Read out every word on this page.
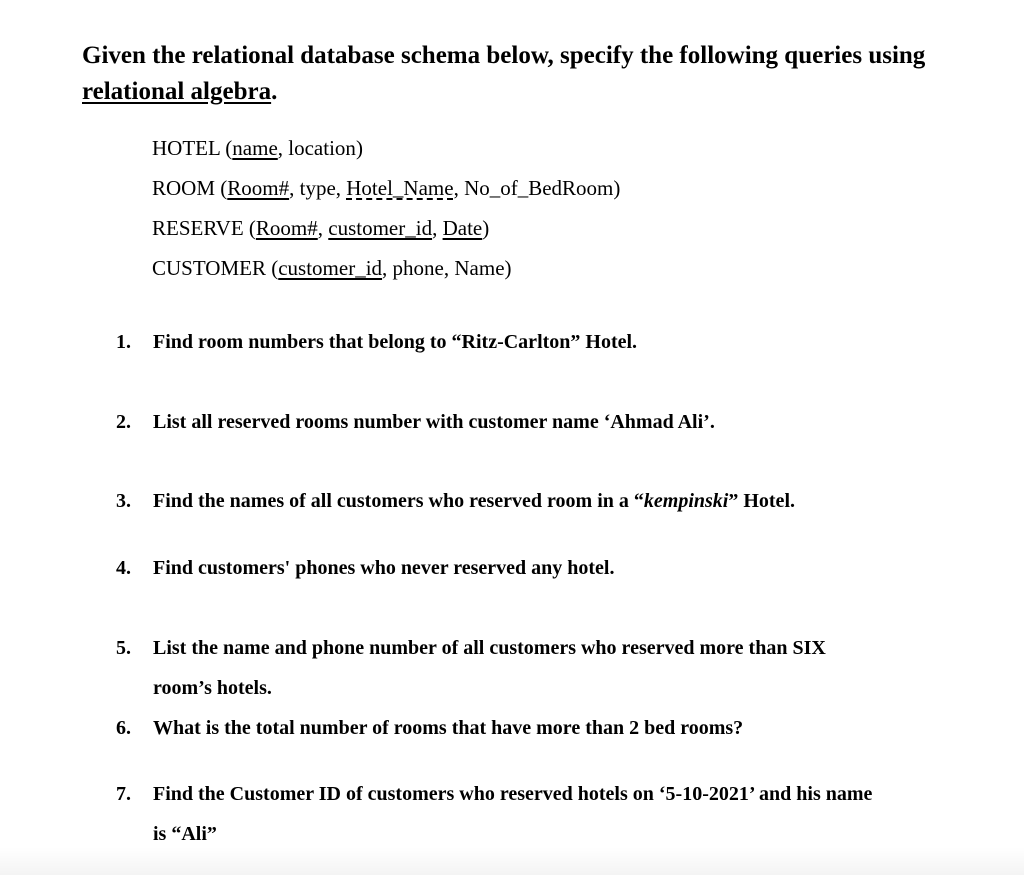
Given the relational database schema below, specify the following queries using
relational algebra.
HOTEL (name, location)
ROOM (Room#, type, Hotel_Name, No_of_BedRoom)
RESERVE (Room#, customer_id, Date)
CUSTOMER (customer_id, phone, Name)
1. Find room numbers that belong to “Ritz-Carlton” Hotel.
2. List all reserved rooms number with customer name ‘Ahmad Ali’.
3. Find the names of all customers who reserved room in a “kempinski” Hotel.
4. Find customers' phones who never reserved any hotel.
5. List the name and phone number of all customers who reserved more than SIX
room’s hotels.
6. What is the total number of rooms that have more than 2 bed rooms?
7. Find the Customer ID of customers who reserved hotels on ‘5-10-2021’ and his name
is “Ali”
